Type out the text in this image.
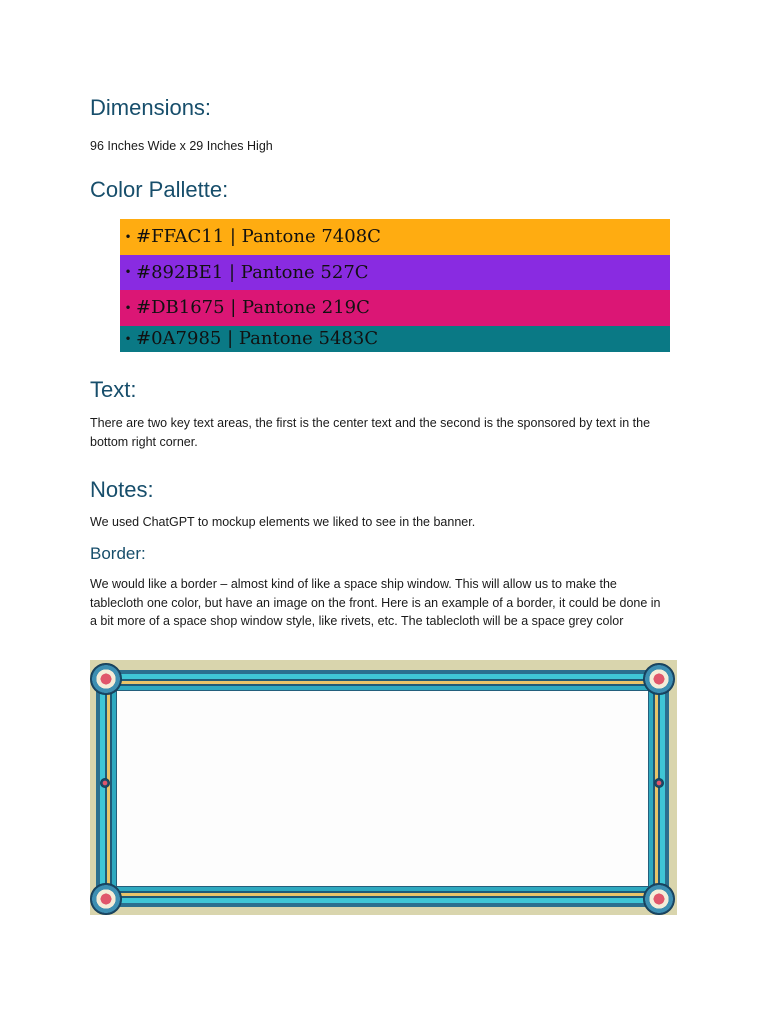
Dimensions:

96 Inches Wide x 29 Inches High

Color Pallette:
• #FFAC11 | Pantone 7408C
• #892BE1 | Pantone 527C
• #DB1675 | Pantone 219C
• #0A7985 | Pantone 5483C
Text:

There are two key text areas, the first is the center text and the second is the sponsored by text in the bottom right corner.

Notes:

We used ChatGPT to mockup elements we liked to see in the banner.

Border:

We would like a border – almost kind of like a space ship window. This will allow us to make the tablecloth one color, but have an image on the front. Here is an example of a border, it could be done in a bit more of a space shop window style, like rivets, etc. The tablecloth will be a space grey color
